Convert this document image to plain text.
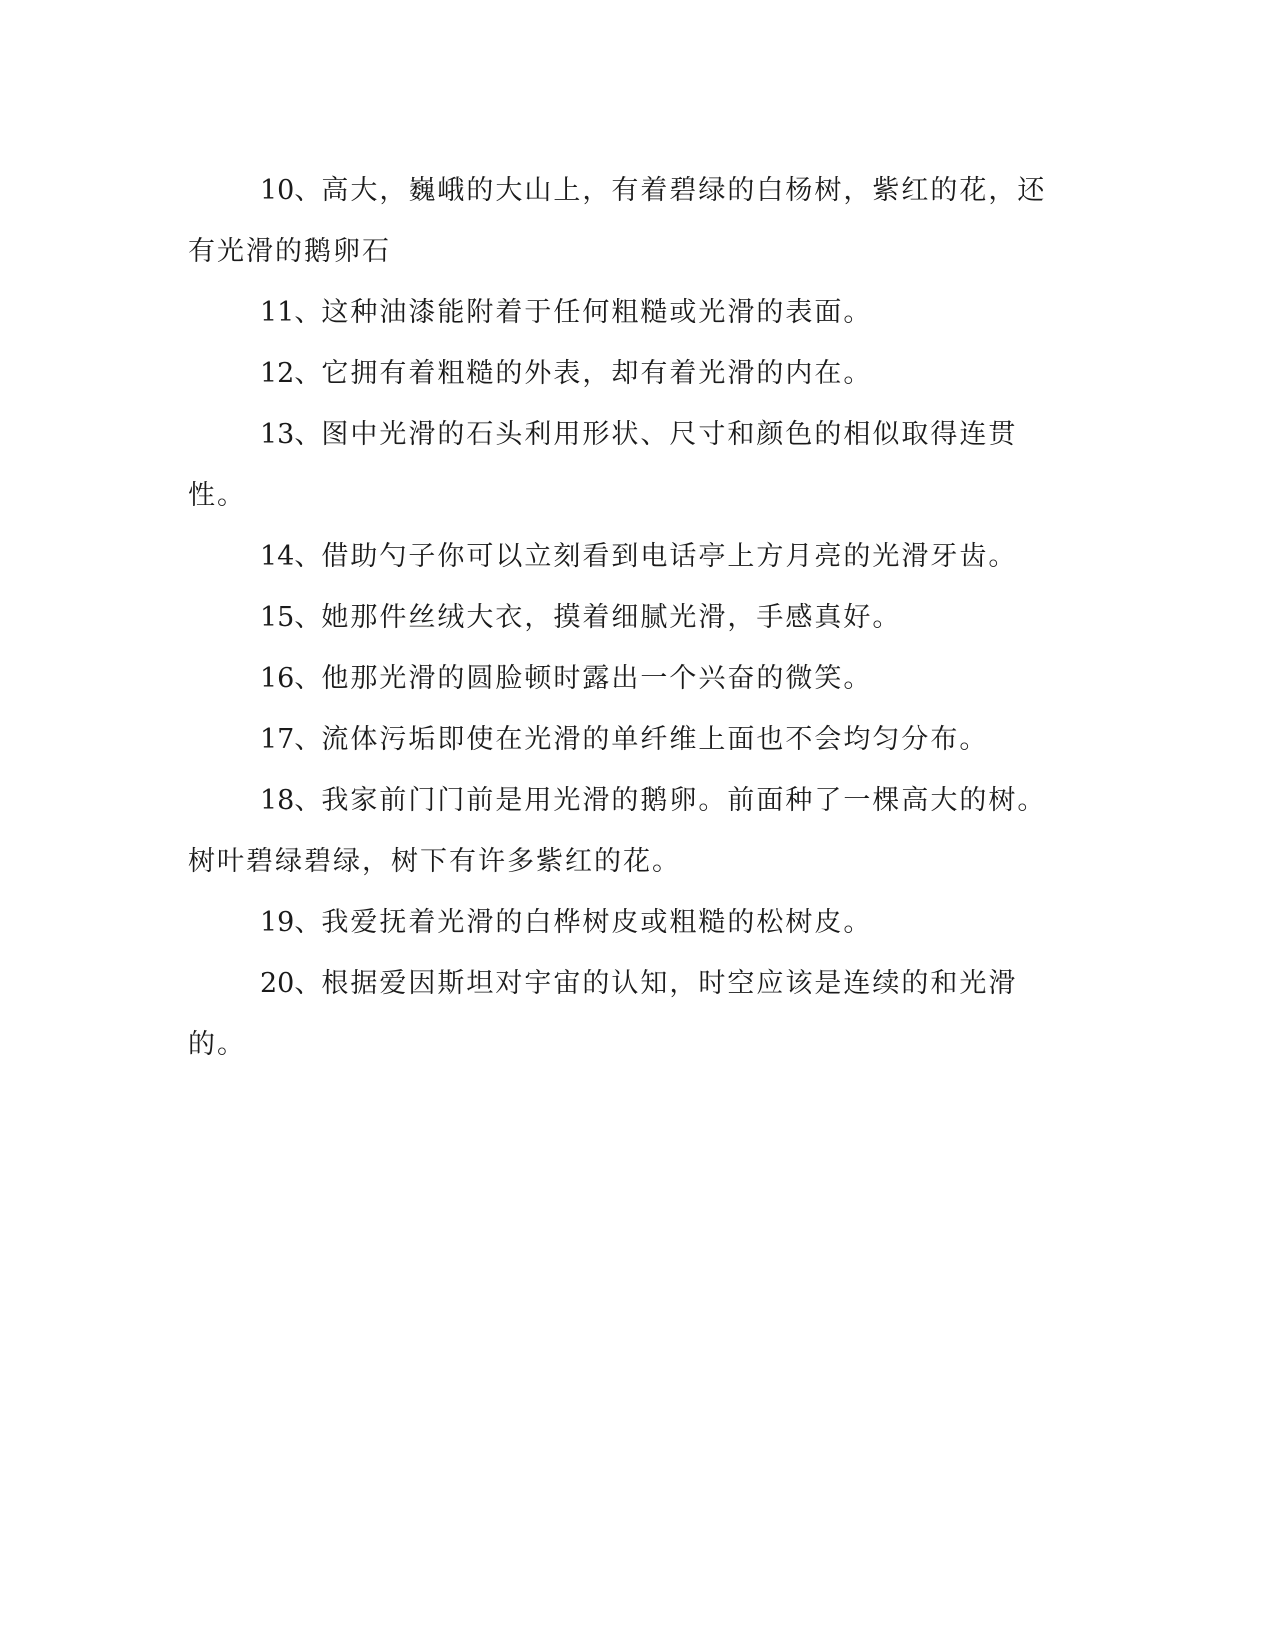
10、高大，巍峨的大山上，有着碧绿的白杨树，紫红的花，还有光滑的鹅卵石

11、这种油漆能附着于任何粗糙或光滑的表面。

12、它拥有着粗糙的外表，却有着光滑的内在。

13、图中光滑的石头利用形状、尺寸和颜色的相似取得连贯性。

14、借助勺子你可以立刻看到电话亭上方月亮的光滑牙齿。

15、她那件丝绒大衣，摸着细腻光滑，手感真好。

16、他那光滑的圆脸顿时露出一个兴奋的微笑。

17、流体污垢即使在光滑的单纤维上面也不会均匀分布。

18、我家前门门前是用光滑的鹅卵。前面种了一棵高大的树。树叶碧绿碧绿，树下有许多紫红的花。

19、我爱抚着光滑的白桦树皮或粗糙的松树皮。

20、根据爱因斯坦对宇宙的认知，时空应该是连续的和光滑的。
